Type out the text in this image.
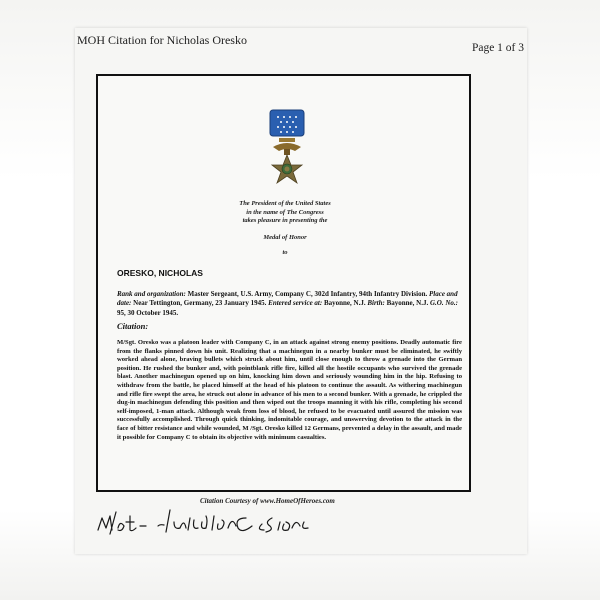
MOH Citation for Nicholas Oresko
Page 1 of 3
The President of the United States
in the name of The Congress
takes pleasure in presenting the
Medal of Honor
to
ORESKO, NICHOLAS
Rank and organization: Master Sergeant, U.S. Army, Company C, 302d Infantry, 94th Infantry Division. Place and date: Near Tettington, Germany, 23 January 1945. Entered service at: Bayonne, N.J. Birth: Bayonne, N.J. G.O. No.: 95, 30 October 1945.
Citation:
M/Sgt. Oresko was a platoon leader with Company C, in an attack against strong enemy positions. Deadly automatic fire from the flanks pinned down his unit. Realizing that a machinegun in a nearby bunker must be eliminated, he swiftly worked ahead alone, braving bullets which struck about him, until close enough to throw a grenade into the German position. He rushed the bunker and, with pointblank rifle fire, killed all the hostile occupants who survived the grenade blast. Another machinegun opened up on him, knocking him down and seriously wounding him in the hip. Refusing to withdraw from the battle, he placed himself at the head of his platoon to continue the assault. As withering machinegun and rifle fire swept the area, he struck out alone in advance of his men to a second bunker. With a grenade, he crippled the dug-in machinegun defending this position and then wiped out the troops manning it with his rifle, completing his second self-imposed, 1-man attack. Although weak from loss of blood, he refused to be evacuated until assured the mission was successfully accomplished. Through quick thinking, indomitable courage, and unswerving devotion to the attack in the face of bitter resistance and while wounded, M /Sgt. Oresko killed 12 Germans, prevented a delay in the assault, and made it possible for Company C to obtain its objective with minimum casualties.
Citation Courtesy of www.HomeOfHeroes.com
